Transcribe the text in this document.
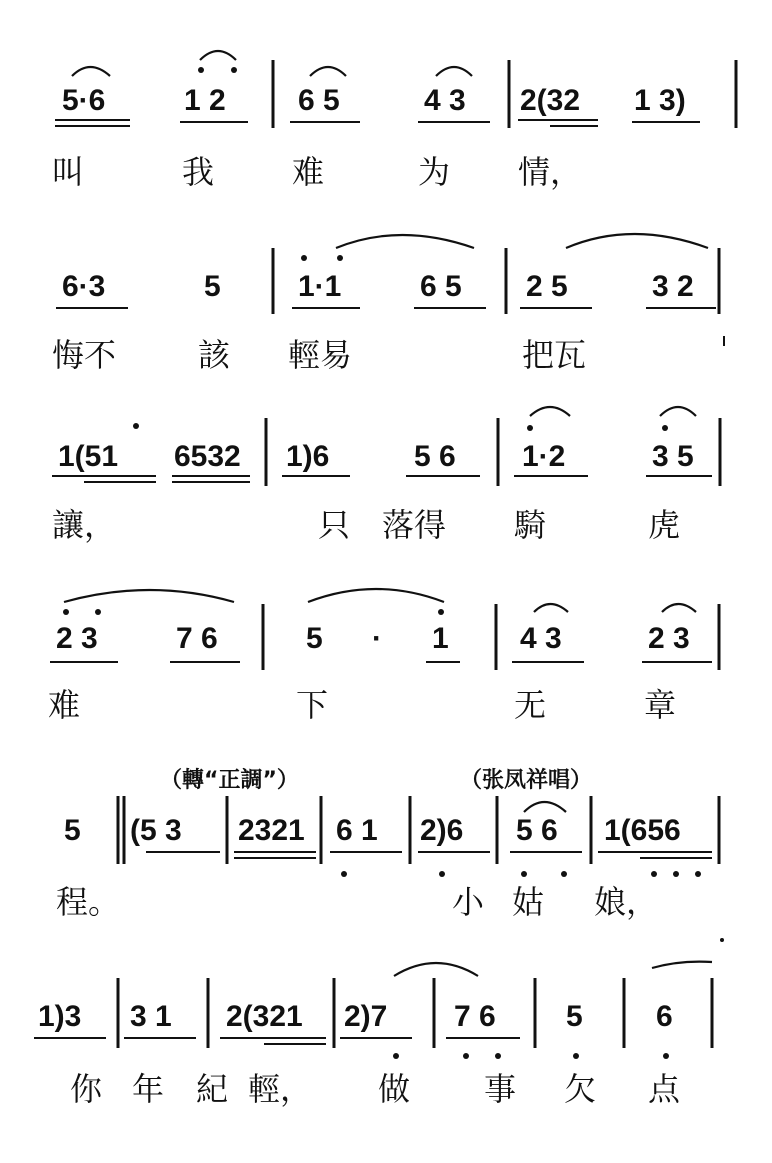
5·6	1 2 6 5	4 3 2(32 1 3)
叫	我 难	为 情，
6·3	5	1·1	6 5 2 5	3 2
悔不	該 輕易	把瓦
1(51 6532 1)6	5 6 1·2	3 5
讓，	只 落得 騎	虎
2 3	7 6	5 · 1 4 3	2 3
难	下	无	章
（轉“正調”）	（张凤祥唱）
5 (5 3 2321 6 1 2)6 5 6 1(656
程。	小 姑 娘，
1)3 3 1 2(321 2)7 7 6 5 6
你 年 紀 輕， 做 事 欠 点
